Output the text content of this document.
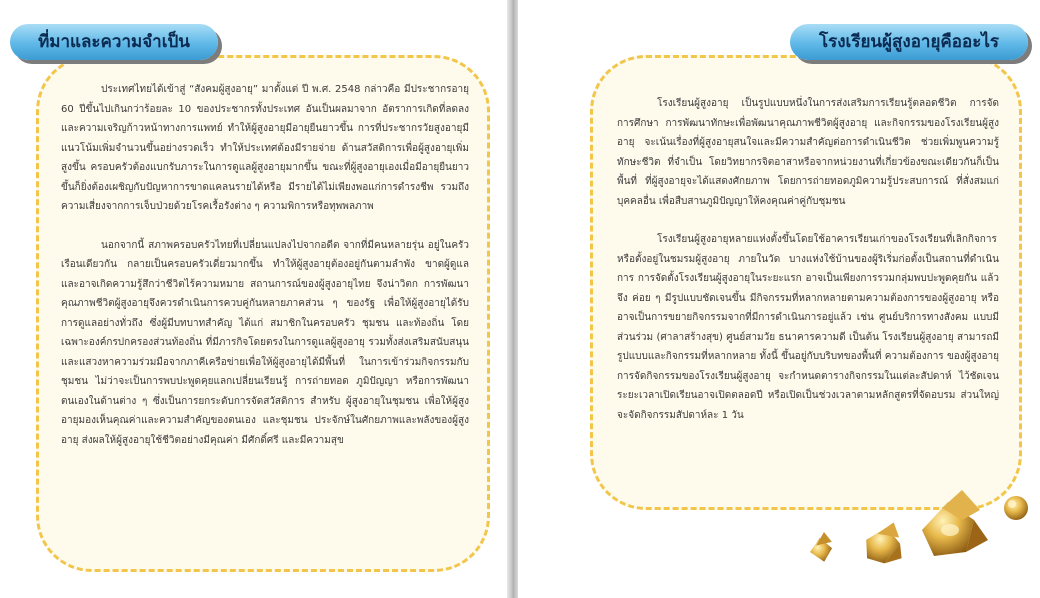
ประเทศไทยได้เข้าสู่ “สังคมผู้สูงอายุ” มาตั้งแต่ ปี พ.ศ. 2548 กล่าวคือ มีประชากรอายุ 60 ปีขึ้นไปเกินกว่าร้อยละ 10 ของประชากรทั้งประเทศ อันเป็นผลมาจาก อัตราการเกิดที่ลดลงและความเจริญก้าวหน้าทางการแพทย์ ทำให้ผู้สูงอายุมีอายุยืนยาวขึ้น การที่ประชากรวัยสูงอายุมีแนวโน้มเพิ่มจำนวนขึ้นอย่างรวดเร็ว ทำให้ประเทศต้องมีรายจ่าย ด้านสวัสดิการเพื่อผู้สูงอายุเพิ่มสูงขึ้น ครอบครัวต้องแบกรับภาระในการดูแลผู้สูงอายุมากขึ้น ขณะที่ผู้สูงอายุเองเมื่อมีอายุยืนยาวขึ้นก็ยิ่งต้องเผชิญกับปัญหาการขาดแคลนรายได้หรือ มีรายได้ไม่เพียงพอแก่การดำรงชีพ รวมถึงความเสี่ยงจากการเจ็บป่วยด้วยโรคเรื้อรังต่าง ๆ ความพิการหรือทุพพลภาพ

นอกจากนี้ สภาพครอบครัวไทยที่เปลี่ยนแปลงไปจากอดีต จากที่มีคนหลายรุ่น อยู่ในครัวเรือนเดียวกัน กลายเป็นครอบครัวเดี่ยวมากขึ้น ทำให้ผู้สูงอายุต้องอยู่กันตามลำพัง ขาดผู้ดูแล และอาจเกิดความรู้สึกว่าชีวิตไร้ความหมาย สถานการณ์ของผู้สูงอายุไทย จึงน่าวิตก การพัฒนาคุณภาพชีวิตผู้สูงอายุจึงควรดำเนินการควบคู่กันหลายภาคส่วน ๆ ของรัฐ เพื่อให้ผู้สูงอายุได้รับการดูแลอย่างทั่วถึง ซึ่งผู้มีบทบาทสำคัญ ได้แก่ สมาชิกในครอบครัว ชุมชน และท้องถิ่น โดยเฉพาะองค์กรปกครองส่วนท้องถิ่น ที่มีภารกิจโดยตรงในการดูแลผู้สูงอายุ รวมทั้งส่งเสริมสนับสนุน และแสวงหาความร่วมมือจากภาคีเครือข่ายเพื่อให้ผู้สูงอายุได้มีพื้นที่ ในการเข้าร่วมกิจกรรมกับชุมชน ไม่ว่าจะเป็นการพบปะพูดคุยแลกเปลี่ยนเรียนรู้ การถ่ายทอด ภูมิปัญญา หรือการพัฒนาตนเองในด้านต่าง ๆ ซึ่งเป็นการยกระดับการจัดสวัสดิการ สำหรับ ผู้สูงอายุในชุมชน เพื่อให้ผู้สูงอายุมองเห็นคุณค่าและความสำคัญของตนเอง และชุมชน ประจักษ์ในศักยภาพและพลังของผู้สูงอายุ ส่งผลให้ผู้สูงอายุใช้ชีวิตอย่างมีคุณค่า มีศักดิ์ศรี และมีความสุข

ที่มาและความจำเป็น

โรงเรียนผู้สูงอายุ เป็นรูปแบบหนึ่งในการส่งเสริมการเรียนรู้ตลอดชีวิต การจัด การศึกษา การพัฒนาทักษะเพื่อพัฒนาคุณภาพชีวิตผู้สูงอายุ และกิจกรรมของโรงเรียนผู้สูงอายุ จะเน้นเรื่องที่ผู้สูงอายุสนใจและมีความสำคัญต่อการดำเนินชีวิต ช่วยเพิ่มพูนความรู้ ทักษะชีวิต ที่จำเป็น โดยวิทยากรจิตอาสาหรือจากหน่วยงานที่เกี่ยวข้องขณะเดียวกันก็เป็นพื้นที่ ที่ผู้สูงอายุจะได้แสดงศักยภาพ โดยการถ่ายทอดภูมิความรู้ประสบการณ์ ที่สั่งสมแก่บุคคลอื่น เพื่อสืบสานภูมิปัญญาให้คงคุณค่าคู่กับชุมชน

โรงเรียนผู้สูงอายุหลายแห่งตั้งขึ้นโดยใช้อาคารเรียนเก่าของโรงเรียนที่เลิกกิจการ หรือตั้งอยู่ในชมรมผู้สูงอายุ ภายในวัด บางแห่งใช้บ้านของผู้ริเริ่มก่อตั้งเป็นสถานที่ดำเนินการ การจัดตั้งโรงเรียนผู้สูงอายุในระยะแรก อาจเป็นเพียงการรวมกลุ่มพบปะพูดคุยกัน แล้วจึง ค่อย ๆ มีรูปแบบชัดเจนขึ้น มีกิจกรรมที่หลากหลายตามความต้องการของผู้สูงอายุ หรืออาจเป็นการขยายกิจกรรมจากที่มีการดำเนินการอยู่แล้ว เช่น ศูนย์บริการทางสังคม แบบมีส่วนร่วม (ศาลาสร้างสุข) ศูนย์สามวัย ธนาคารความดี เป็นต้น โรงเรียนผู้สูงอายุ สามารถมีรูปแบบและกิจกรรมที่หลากหลาย ทั้งนี้ ขึ้นอยู่กับบริบทของพื้นที่ ความต้องการ ของผู้สูงอายุ การจัดกิจกรรมของโรงเรียนผู้สูงอายุ จะกำหนดตารางกิจกรรมในแต่ละสัปดาห์ ไว้ชัดเจน ระยะเวลาเปิดเรียนอาจเปิดตลอดปี หรือเปิดเป็นช่วงเวลาตามหลักสูตรที่จัดอบรม ส่วนใหญ่จะจัดกิจกรรมสัปดาห์ละ 1 วัน

โรงเรียนผู้สูงอายุคืออะไร
